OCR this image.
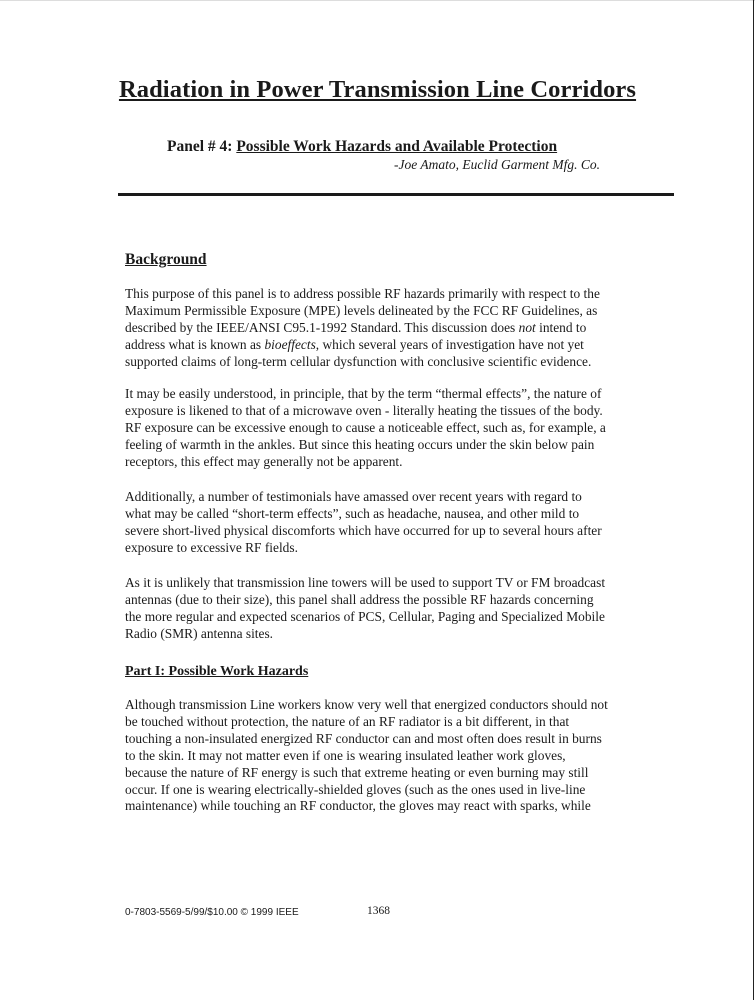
Radiation in Power Transmission Line Corridors
Panel # 4: Possible Work Hazards and Available Protection
-Joe Amato, Euclid Garment Mfg. Co.
Background
This purpose of this panel is to address possible RF hazards primarily with respect to the
Maximum Permissible Exposure (MPE) levels delineated by the FCC RF Guidelines, as
described by the IEEE/ANSI C95.1-1992 Standard. This discussion does not intend to
address what is known as bioeffects, which several years of investigation have not yet
supported claims of long-term cellular dysfunction with conclusive scientific evidence.
It may be easily understood, in principle, that by the term “thermal effects”, the nature of
exposure is likened to that of a microwave oven - literally heating the tissues of the body.
RF exposure can be excessive enough to cause a noticeable effect, such as, for example, a
feeling of warmth in the ankles. But since this heating occurs under the skin below pain
receptors, this effect may generally not be apparent.
Additionally, a number of testimonials have amassed over recent years with regard to
what may be called “short-term effects”, such as headache, nausea, and other mild to
severe short-lived physical discomforts which have occurred for up to several hours after
exposure to excessive RF fields.
As it is unlikely that transmission line towers will be used to support TV or FM broadcast
antennas (due to their size), this panel shall address the possible RF hazards concerning
the more regular and expected scenarios of PCS, Cellular, Paging and Specialized Mobile
Radio (SMR) antenna sites.
Part I: Possible Work Hazards
Although transmission Line workers know very well that energized conductors should not
be touched without protection, the nature of an RF radiator is a bit different, in that
touching a non-insulated energized RF conductor can and most often does result in burns
to the skin. It may not matter even if one is wearing insulated leather work gloves,
because the nature of RF energy is such that extreme heating or even burning may still
occur. If one is wearing electrically-shielded gloves (such as the ones used in live-line
maintenance) while touching an RF conductor, the gloves may react with sparks, while
0-7803-5569-5/99/$10.00 © 1999 IEEE	1368
